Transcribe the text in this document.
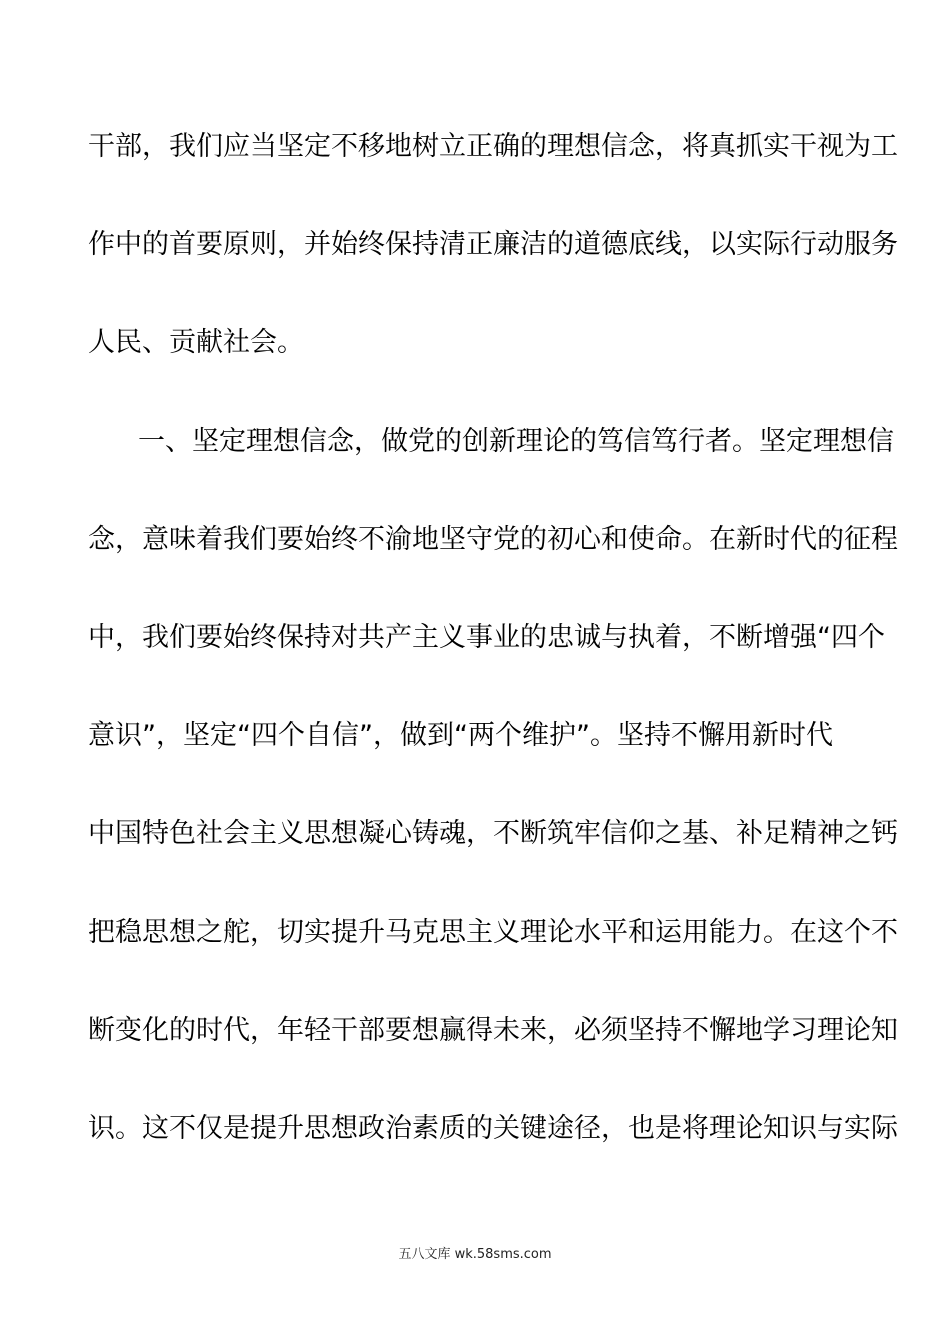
干部，我们应当坚定不移地树立正确的理想信念，将真抓实干视为工
作中的首要原则，并始终保持清正廉洁的道德底线，以实际行动服务
人民、贡献社会。
一、坚定理想信念，做党的创新理论的笃信笃行者。坚定理想信
念，意味着我们要始终不渝地坚守党的初心和使命。在新时代的征程
中，我们要始终保持对共产主义事业的忠诚与执着，不断增强“四个
意识”，坚定“四个自信”，做到“两个维护”。坚持不懈用新时代
中国特色社会主义思想凝心铸魂，不断筑牢信仰之基、补足精神之钙
把稳思想之舵，切实提升马克思主义理论水平和运用能力。在这个不
断变化的时代，年轻干部要想赢得未来，必须坚持不懈地学习理论知
识。这不仅是提升思想政治素质的关键途径，也是将理论知识与实际
五八文库 wk.58sms.com
